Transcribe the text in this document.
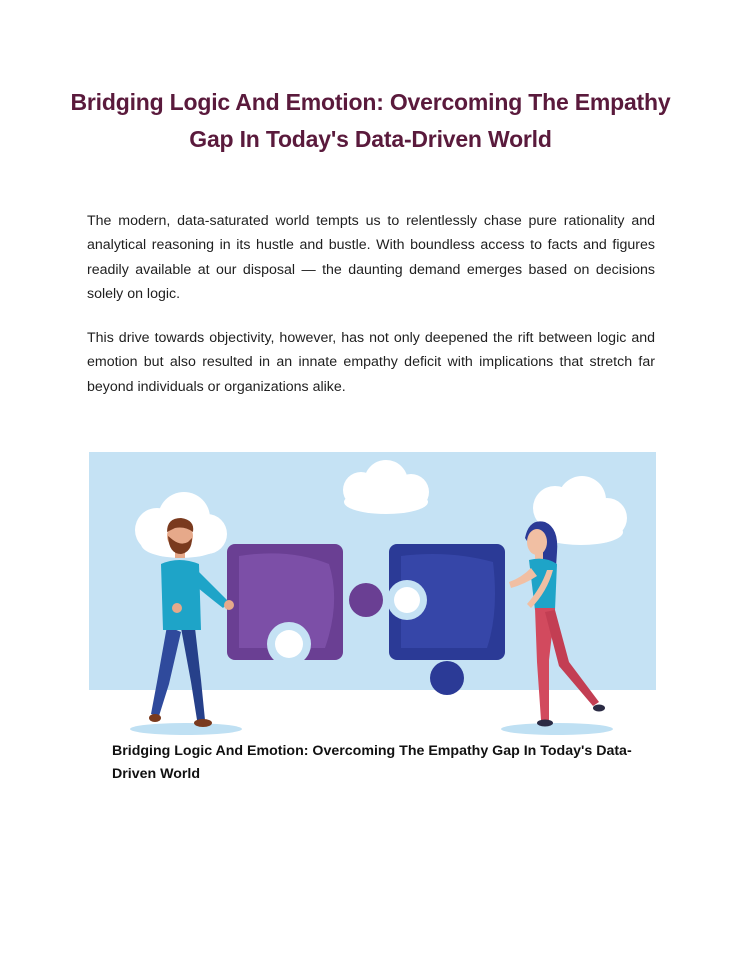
Bridging Logic And Emotion: Overcoming The Empathy Gap In Today's Data-Driven World

The modern, data-saturated world tempts us to relentlessly chase pure rationality and analytical reasoning in its hustle and bustle. With boundless access to facts and figures readily available at our disposal — the daunting demand emerges based on decisions solely on logic.

This drive towards objectivity, however, has not only deepened the rift between logic and emotion but also resulted in an innate empathy deficit with implications that stretch far beyond individuals or organizations alike.

Bridging Logic And Emotion: Overcoming The Empathy Gap In Today's Data-Driven World
